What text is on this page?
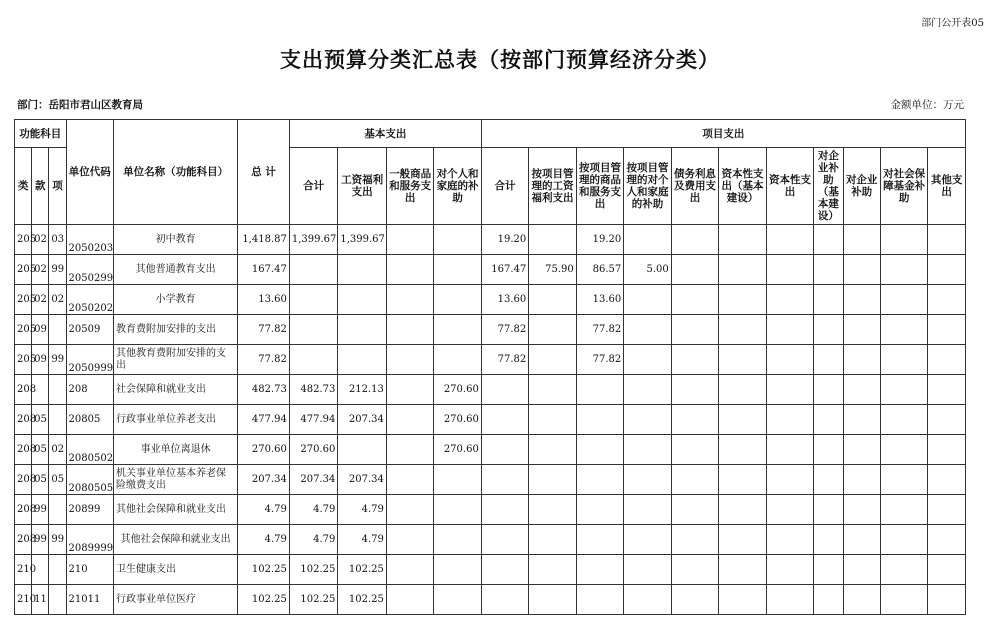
部门公开表05
支出预算分类汇总表（按部门预算经济分类）
部门：岳阳市君山区教育局	金额单位：万元
功能科目			单位代码	单位名称（功能科目）	总 计	基本支出				项目支出										
类	款	项				合计	工资福利支出	一般商品和服务支出	对个人和家庭的补助	合计	按项目管理的工资福利支出	按项目管理的商品和服务支出	按项目管理的对个人和家庭的补助	债务利息及费用支出	资本性支出（基本建设）	资本性支出	对企业补助（基本建设）	对企业补助	对社会保障基金补助	其他支出
205	02	03	2050203	初中教育	1,418.87	1,399.67	1,399.67			19.20		19.20								
205	02	99	2050299	其他普通教育支出	167.47					167.47	75.90	86.57	5.00							
205	02	02	2050202	小学教育	13.60					13.60		13.60								
205	09		20509	教育费附加安排的支出	77.82					77.82		77.82								
205	09	99	2050999	其他教育费附加安排的支出	77.82					77.82		77.82								
208			208	社会保障和就业支出	482.73	482.73	212.13		270.60											
208	05		20805	行政事业单位养老支出	477.94	477.94	207.34		270.60											
208	05	02	2080502	事业单位离退休	270.60	270.60			270.60											
208	05	05	2080505	机关事业单位基本养老保险缴费支出	207.34	207.34	207.34													
208	99		20899	其他社会保障和就业支出	4.79	4.79	4.79													
208	99	99	2089999	其他社会保障和就业支出	4.79	4.79	4.79													
210			210	卫生健康支出	102.25	102.25	102.25													
210	11		21011	行政事业单位医疗	102.25	102.25	102.25													
